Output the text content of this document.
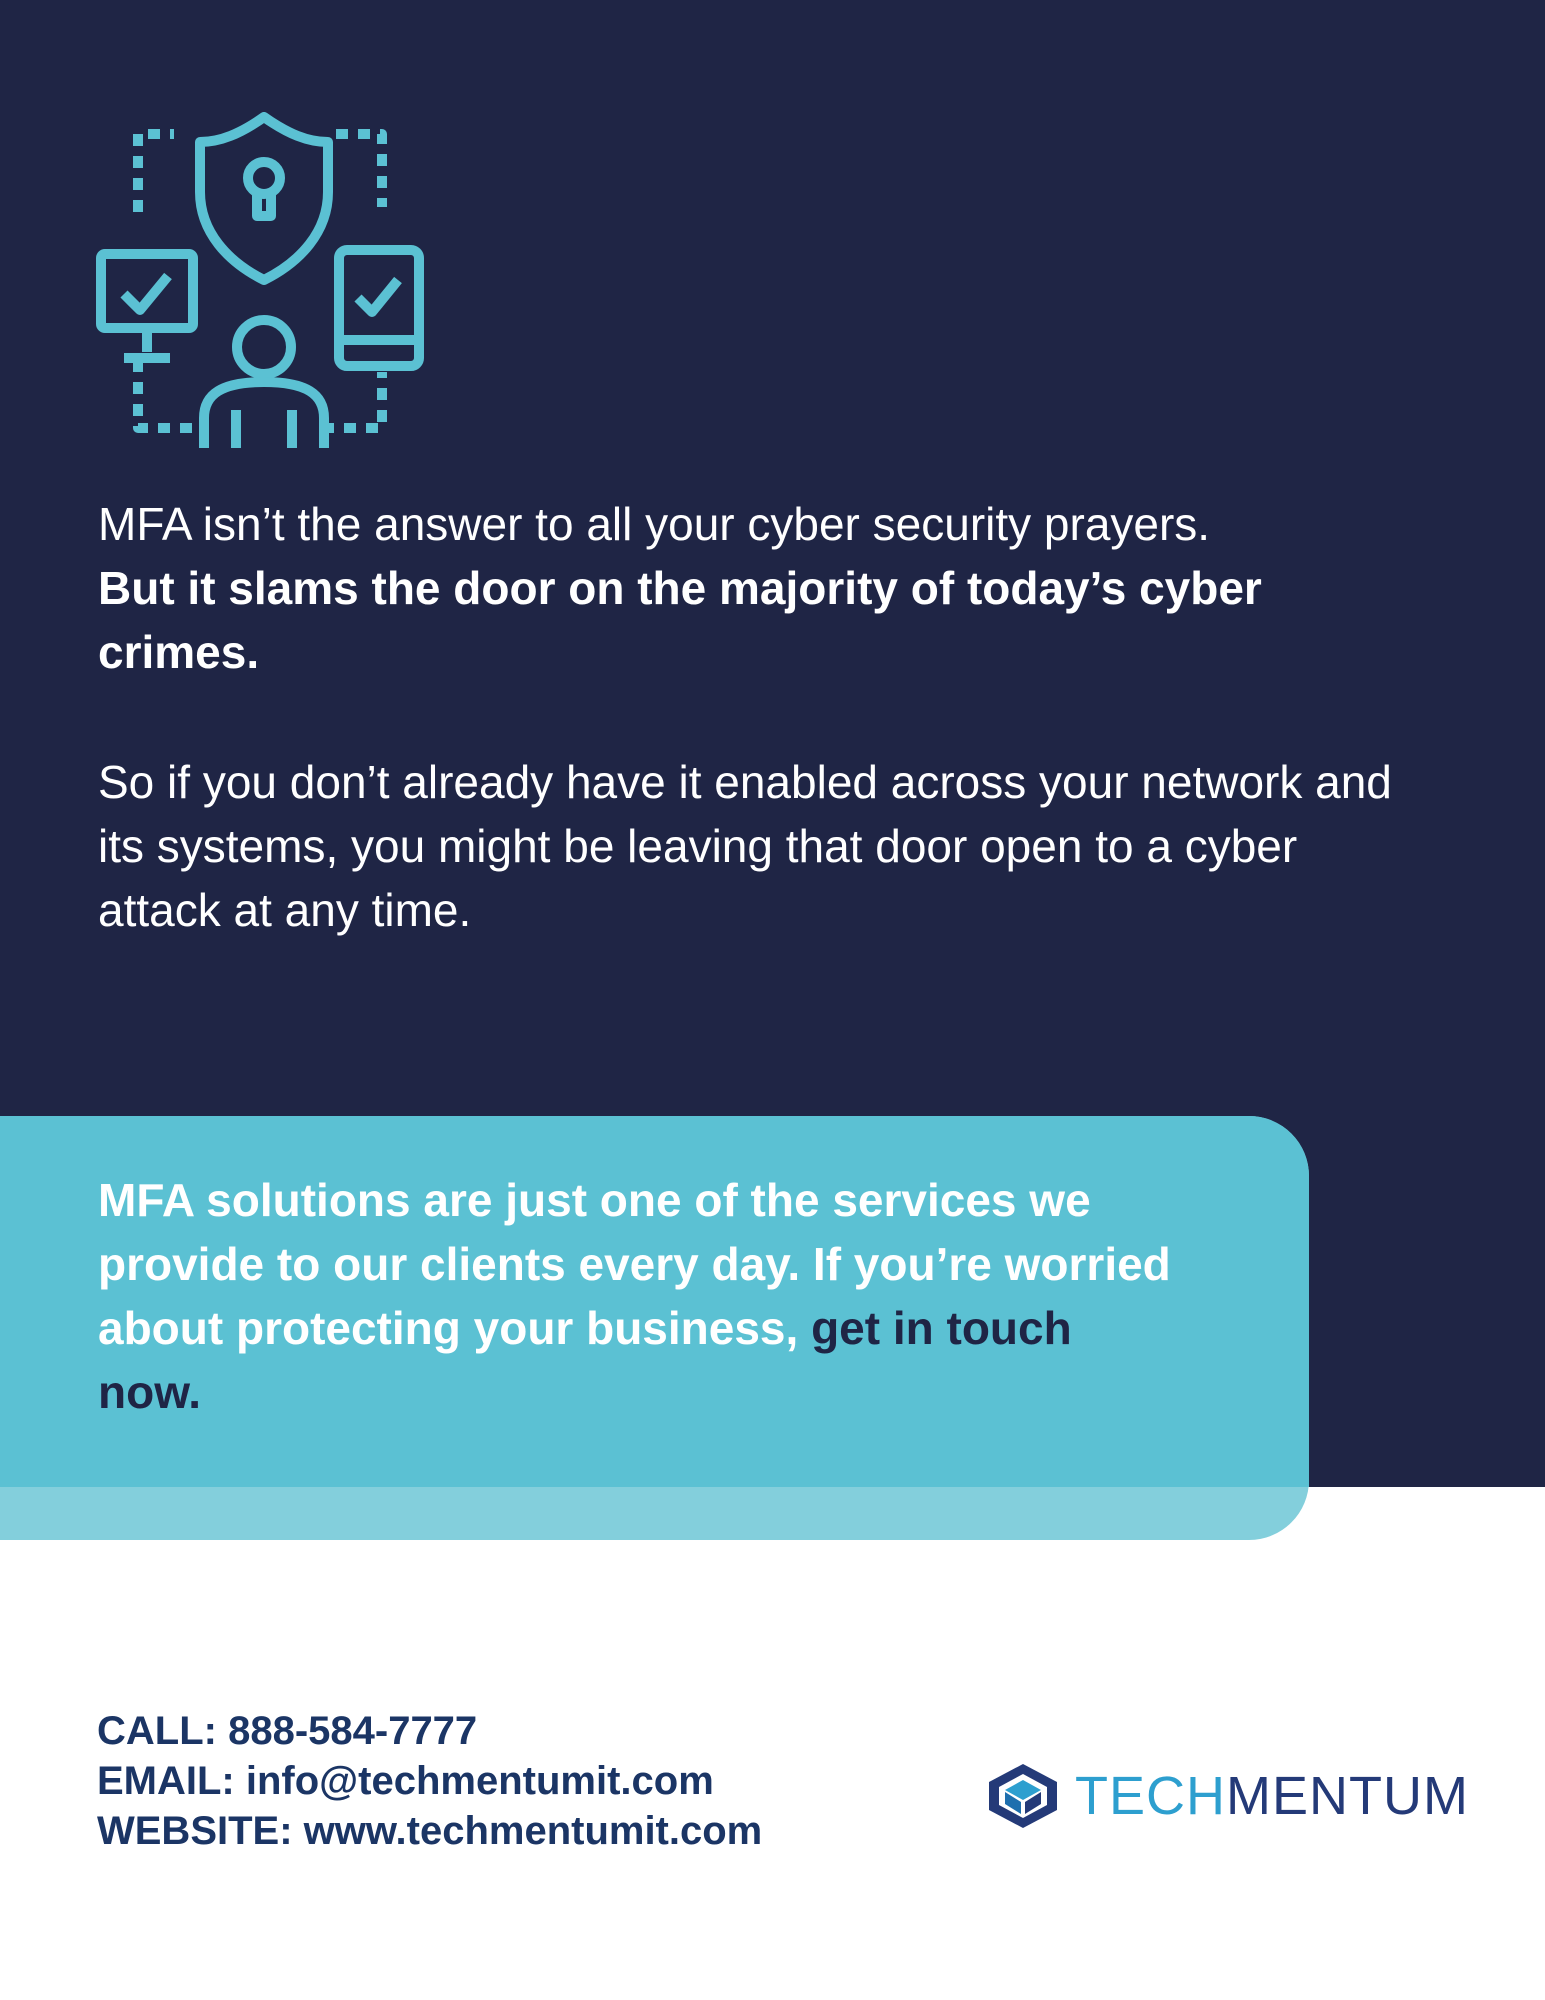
MFA isn’t the answer to all your cyber security prayers.
But it slams the door on the majority of today’s cyber crimes.
So if you don’t already have it enabled across your network and its systems, you might be leaving that door open to a cyber attack at any time.
MFA solutions are just one of the services we provide to our clients every day. If you’re worried about protecting your business, get in touch now.
CALL: 888-584-7777
EMAIL: info@techmentumit.com
WEBSITE: www.techmentumit.com
TECHMENTUM
